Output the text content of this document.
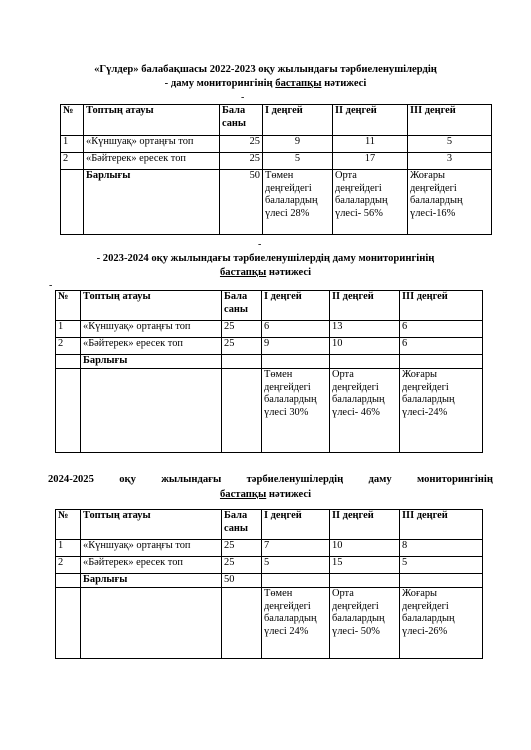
«Гүлдер» балабақшасы 2022-2023 оқу жылындағы тәрбиеленушілердің
- даму мониторингінің бастапқы нәтижесі
-
№	Топтың атауы	Бала саны	І деңгей	ІІ деңгей	ІІІ деңгей
1	«Күншуақ» ортаңғы топ	25	9	11	5
2	«Бәйтерек» ересек топ	25	5	17	3
	Барлығы	50	Төмен деңгейдегі балалардың үлесі 28%	Орта деңгейдегі балалардың үлесі- 56%	Жоғары деңгейдегі балалардың үлесі-16%
-
- 2023-2024 оқу жылындағы тәрбиеленушілердің даму мониторингінің
бастапқы нәтижесі
-
№	Топтың атауы	Бала саны	І деңгей	ІІ деңгей	ІІІ деңгей
1	«Күншуақ» ортаңғы топ	25	6	13	6
2	«Бәйтерек» ересек топ	25	9	10	6
	Барлығы				
			Төмен деңгейдегі балалардың үлесі 30%	Орта деңгейдегі балалардың үлесі- 46%	Жоғары деңгейдегі балалардың үлесі-24%
2024-2025 оқу жылындағы тәрбиеленушілердің даму мониторингінің
бастапқы нәтижесі
№	Топтың атауы	Бала саны	І деңгей	ІІ деңгей	ІІІ деңгей
1	«Күншуақ» ортаңғы топ	25	7	10	8
2	«Бәйтерек» ересек топ	25	5	15	5
	Барлығы	50			
			Төмен деңгейдегі балалардың үлесі 24%	Орта деңгейдегі балалардың үлесі- 50%	Жоғары деңгейдегі балалардың үлесі-26%
